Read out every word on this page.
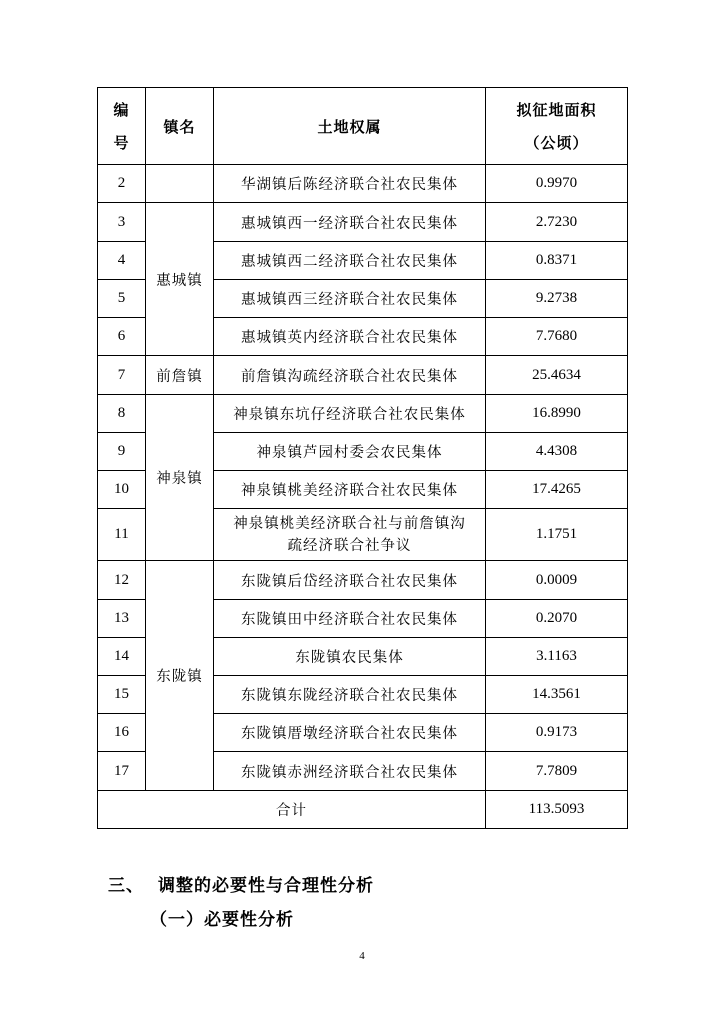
编
号	镇名	土地权属	拟征地面积
（公顷）

2		华湖镇后陈经济联合社农民集体	0.9970
3	惠城镇	惠城镇西一经济联合社农民集体	2.7230
4		惠城镇西二经济联合社农民集体	0.8371
5		惠城镇西三经济联合社农民集体	9.2738
6		惠城镇英内经济联合社农民集体	7.7680
7	前詹镇	前詹镇沟疏经济联合社农民集体	25.4634
8	神泉镇	神泉镇东坑仔经济联合社农民集体	16.8990
9		神泉镇芦园村委会农民集体	4.4308
10		神泉镇桃美经济联合社农民集体	17.4265
11		神泉镇桃美经济联合社与前詹镇沟
疏经济联合社争议	1.1751
12	东陇镇	东陇镇后岱经济联合社农民集体	0.0009
13		东陇镇田中经济联合社农民集体	0.2070
14		东陇镇农民集体	3.1163
15		东陇镇东陇经济联合社农民集体	14.3561
16		东陇镇厝墩经济联合社农民集体	0.9173
17		东陇镇赤洲经济联合社农民集体	7.7809
合计			113.5093
三、 调整的必要性与合理性分析
（一）必要性分析
4
